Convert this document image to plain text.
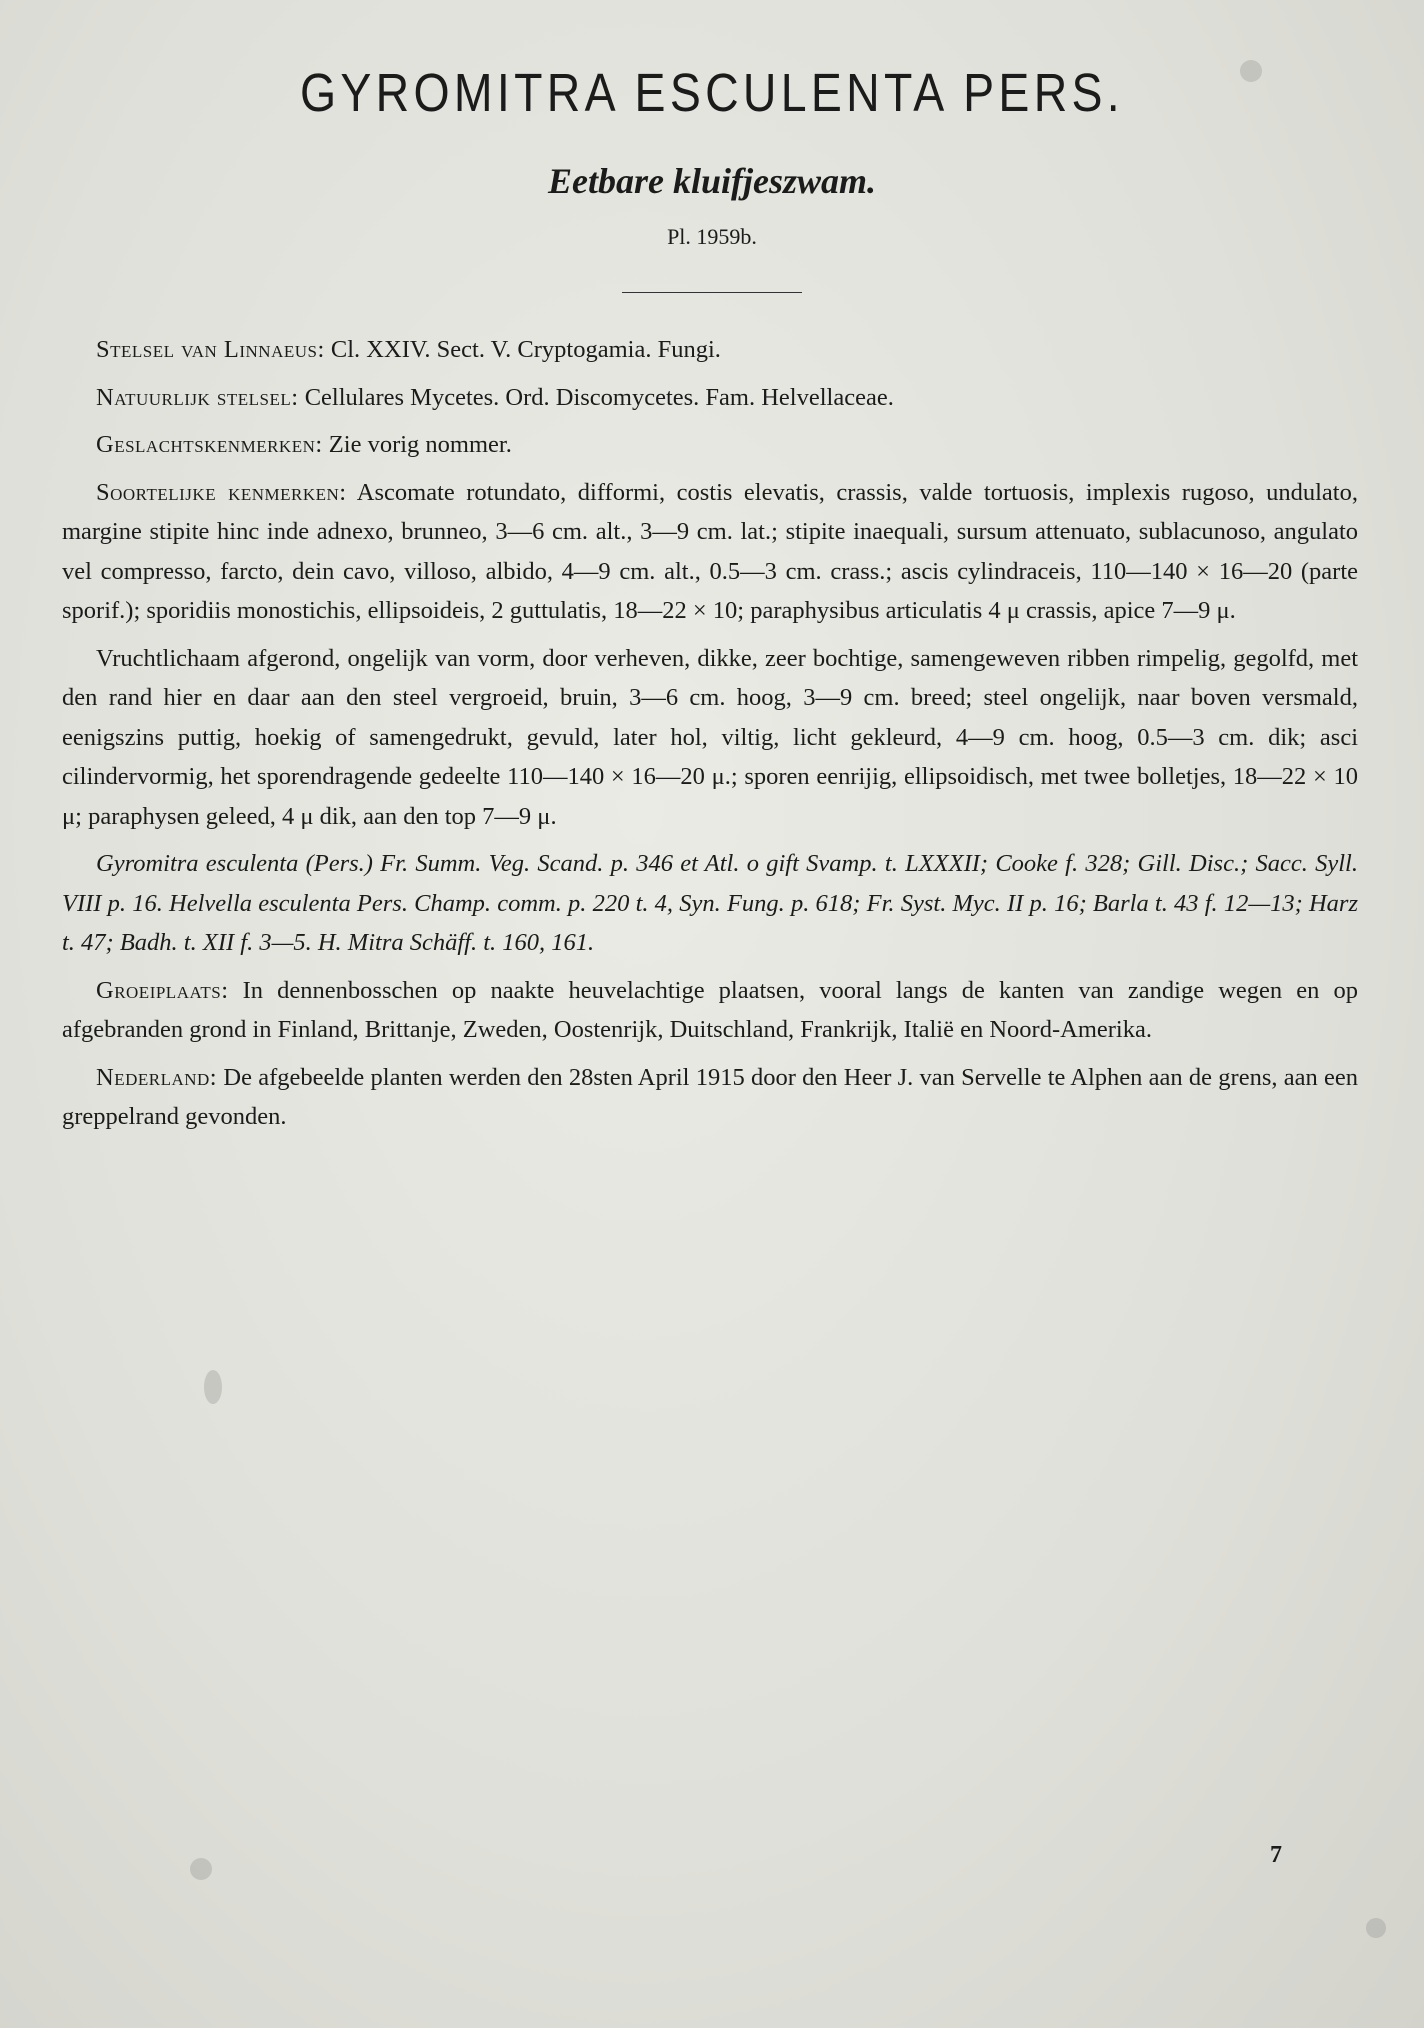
GYROMITRA ESCULENTA PERS.
Eetbare kluifjeszwam.
Pl. 1959b.

Stelsel van Linnaeus: Cl. XXIV. Sect. V. Cryptogamia. Fungi.

Natuurlijk stelsel: Cellulares Mycetes. Ord. Discomycetes. Fam. Helvellaceae.

Geslachtskenmerken: Zie vorig nommer.

Soortelijke kenmerken: Ascomate rotundato, difformi, costis elevatis, crassis, valde tortuosis, implexis rugoso, undulato, margine stipite hinc inde adnexo, brunneo, 3—6 cm. alt., 3—9 cm. lat.; stipite inaequali, sursum attenuato, sublacunoso, angulato vel compresso, farcto, dein cavo, villoso, albido, 4—9 cm. alt., 0.5—3 cm. crass.; ascis cylindraceis, 110—140 × 16—20 (parte sporif.); sporidiis monostichis, ellipsoideis, 2 guttulatis, 18—22 × 10; paraphysibus articulatis 4 μ crassis, apice 7—9 μ.

Vruchtlichaam afgerond, ongelijk van vorm, door verheven, dikke, zeer bochtige, samengeweven ribben rimpelig, gegolfd, met den rand hier en daar aan den steel vergroeid, bruin, 3—6 cm. hoog, 3—9 cm. breed; steel ongelijk, naar boven versmald, eenigszins puttig, hoekig of samengedrukt, gevuld, later hol, viltig, licht gekleurd, 4—9 cm. hoog, 0.5—3 cm. dik; asci cilindervormig, het sporendragende gedeelte 110—140 × 16—20 μ.; sporen eenrijig, ellipsoidisch, met twee bolletjes, 18—22 × 10 μ; paraphysen geleed, 4 μ dik, aan den top 7—9 μ.

Gyromitra esculenta (Pers.) Fr. Summ. Veg. Scand. p. 346 et Atl. o gift Svamp. t. LXXXII; Cooke f. 328; Gill. Disc.; Sacc. Syll. VIII p. 16. Helvella esculenta Pers. Champ. comm. p. 220 t. 4, Syn. Fung. p. 618; Fr. Syst. Myc. II p. 16; Barla t. 43 f. 12—13; Harz t. 47; Badh. t. XII f. 3—5. H. Mitra Schäff. t. 160, 161.

Groeiplaats: In dennenbosschen op naakte heuvelachtige plaatsen, vooral langs de kanten van zandige wegen en op afgebranden grond in Finland, Brittanje, Zweden, Oostenrijk, Duitschland, Frankrijk, Italië en Noord-Amerika.

Nederland: De afgebeelde planten werden den 28sten April 1915 door den Heer J. van Servelle te Alphen aan de grens, aan een greppelrand gevonden.

7
